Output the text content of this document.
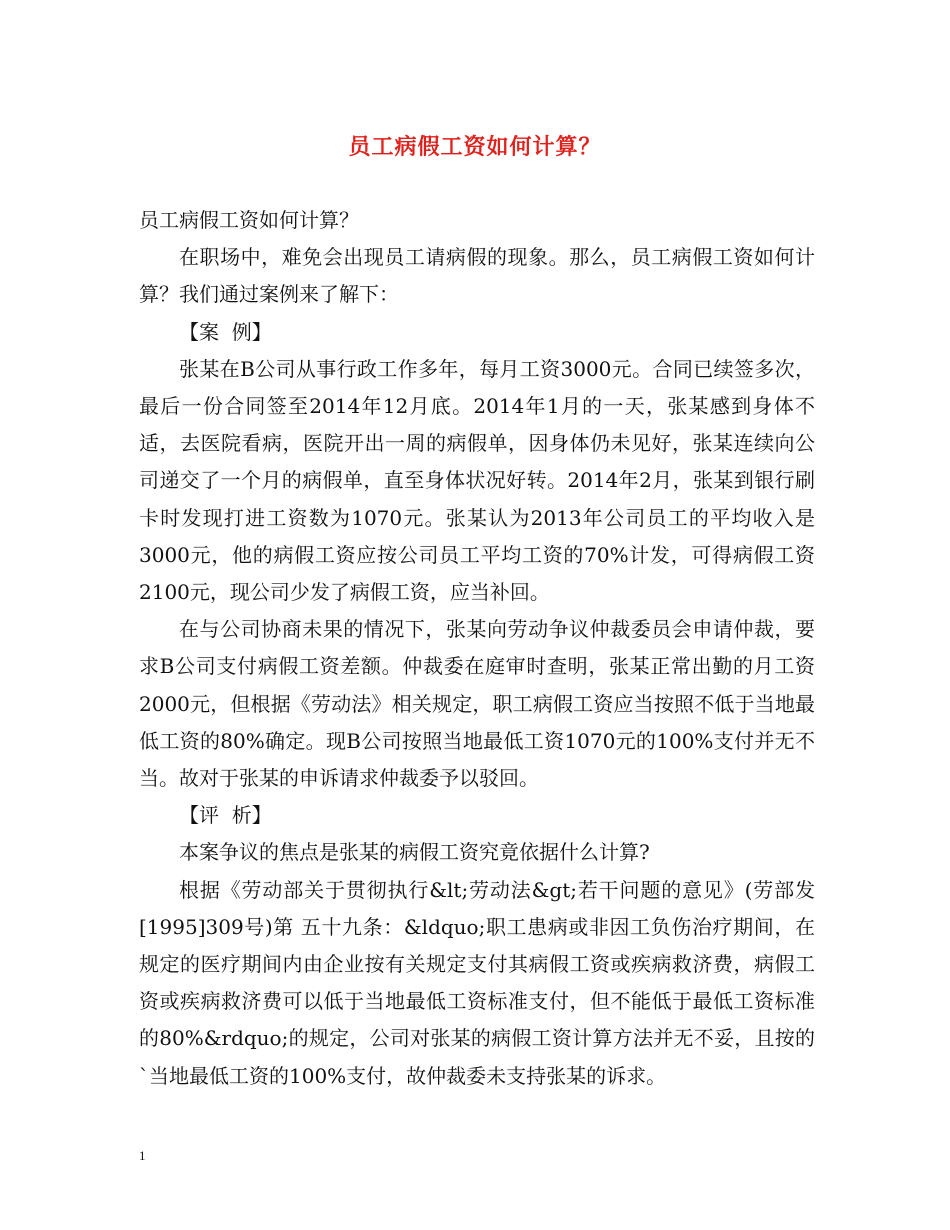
员工病假工资如何计算？

员工病假工资如何计算？

在职场中，难免会出现员工请病假的现象。那么，员工病假工资如何计算？我们通过案例来了解下：

【案  例】

张某在B公司从事行政工作多年，每月工资3000元。合同已续签多次，最后一份合同签至2014年12月底。2014年1月的一天，张某感到身体不适，去医院看病，医院开出一周的病假单，因身体仍未见好，张某连续向公司递交了一个月的病假单，直至身体状况好转。2014年2月，张某到银行刷卡时发现打进工资数为1070元。张某认为2013年公司员工的平均收入是3000元，他的病假工资应按公司员工平均工资的70%计发，可得病假工资2100元，现公司少发了病假工资，应当补回。

在与公司协商未果的情况下，张某向劳动争议仲裁委员会申请仲裁，要求B公司支付病假工资差额。仲裁委在庭审时查明，张某正常出勤的月工资2000元，但根据《劳动法》相关规定，职工病假工资应当按照不低于当地最低工资的80%确定。现B公司按照当地最低工资1070元的100%支付并无不当。故对于张某的申诉请求仲裁委予以驳回。

【评  析】

本案争议的焦点是张某的病假工资究竟依据什么计算?

根据《劳动部关于贯彻执行&lt;劳动法&gt;若干问题的意见》(劳部发[1995]309号)第 五十九条：&ldquo;职工患病或非因工负伤治疗期间，在规定的医疗期间内由企业按有关规定支付其病假工资或疾病救济费，病假工资或疾病救济费可以低于当地最低工资标准支付，但不能低于最低工资标准的80%&rdquo;的规定，公司对张某的病假工资计算方法并无不妥，且按的`当地最低工资的100%支付，故仲裁委未支持张某的诉求。

1
